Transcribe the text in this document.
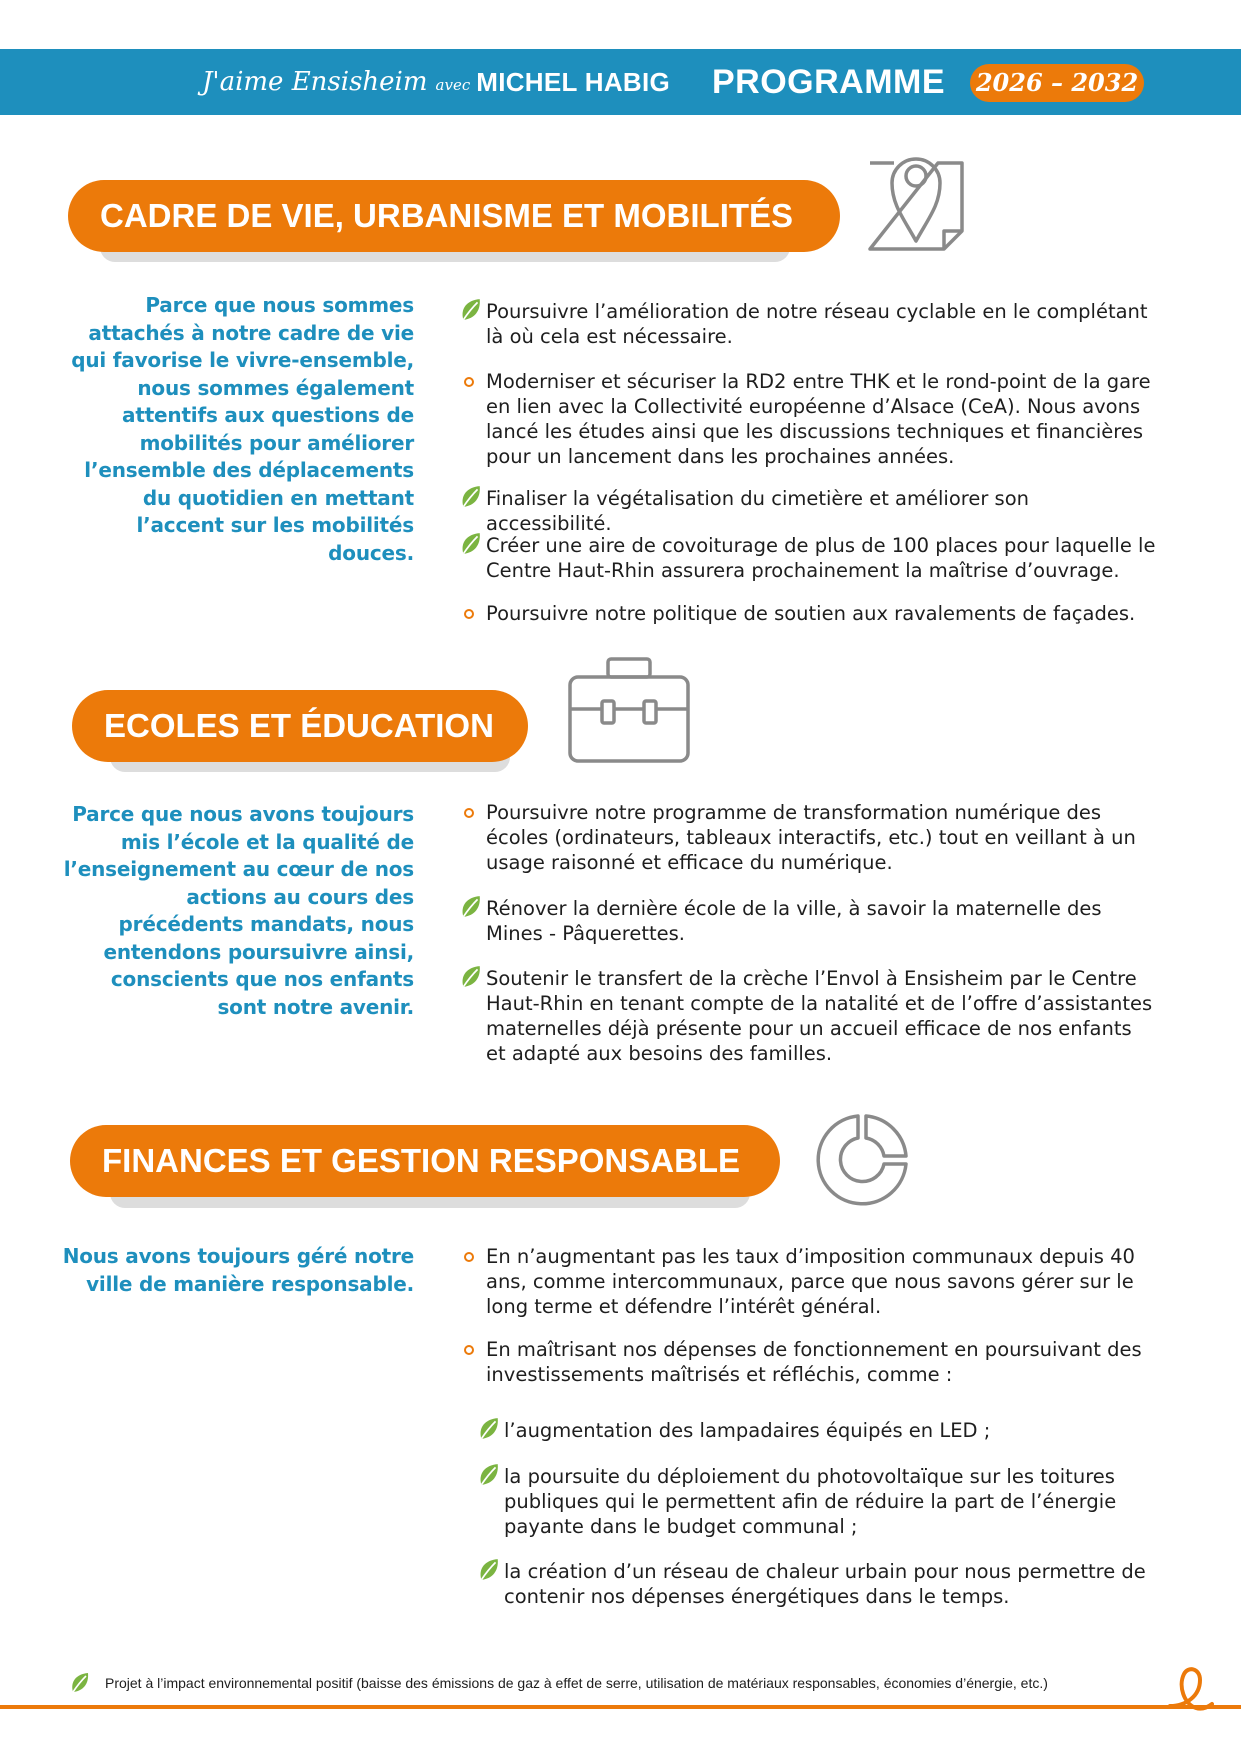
J'aime Ensisheim avec MICHEL HABIG PROGRAMME 2026 – 2032
CADRE DE VIE, URBANISME ET MOBILITÉS
Parce que nous sommes attachés à notre cadre de vie qui favorise le vivre-ensemble, nous sommes également attentifs aux questions de mobilités pour améliorer l’ensemble des déplacements du quotidien en mettant l’accent sur les mobilités douces.
Poursuivre l’amélioration de notre réseau cyclable en le complétant là où cela est nécessaire.
Moderniser et sécuriser la RD2 entre THK et le rond-point de la gare en lien avec la Collectivité européenne d’Alsace (CeA). Nous avons lancé les études ainsi que les discussions techniques et financières pour un lancement dans les prochaines années.
Finaliser la végétalisation du cimetière et améliorer son accessibilité.
Créer une aire de covoiturage de plus de 100 places pour laquelle le Centre Haut-Rhin assurera prochainement la maîtrise d’ouvrage.
Poursuivre notre politique de soutien aux ravalements de façades.
ECOLES ET ÉDUCATION
Parce que nous avons toujours mis l’école et la qualité de l’enseignement au cœur de nos actions au cours des précédents mandats, nous entendons poursuivre ainsi, conscients que nos enfants sont notre avenir.
Poursuivre notre programme de transformation numérique des écoles (ordinateurs, tableaux interactifs, etc.) tout en veillant à un usage raisonné et efficace du numérique.
Rénover la dernière école de la ville, à savoir la maternelle des Mines - Pâquerettes.
Soutenir le transfert de la crèche l’Envol à Ensisheim par le Centre Haut-Rhin en tenant compte de la natalité et de l’offre d’assistantes maternelles déjà présente pour un accueil efficace de nos enfants et adapté aux besoins des familles.
FINANCES ET GESTION RESPONSABLE
Nous avons toujours géré notre ville de manière responsable.
En n’augmentant pas les taux d’imposition communaux depuis 40 ans, comme intercommunaux, parce que nous savons gérer sur le long terme et défendre l’intérêt général.
En maîtrisant nos dépenses de fonctionnement en poursuivant des investissements maîtrisés et réfléchis, comme :
l’augmentation des lampadaires équipés en LED ;
la poursuite du déploiement du photovoltaïque sur les toitures publiques qui le permettent afin de réduire la part de l’énergie payante dans le budget communal ;
la création d’un réseau de chaleur urbain pour nous permettre de contenir nos dépenses énergétiques dans le temps.
Projet à l’impact environnemental positif (baisse des émissions de gaz à effet de serre, utilisation de matériaux responsables, économies d’énergie, etc.)
